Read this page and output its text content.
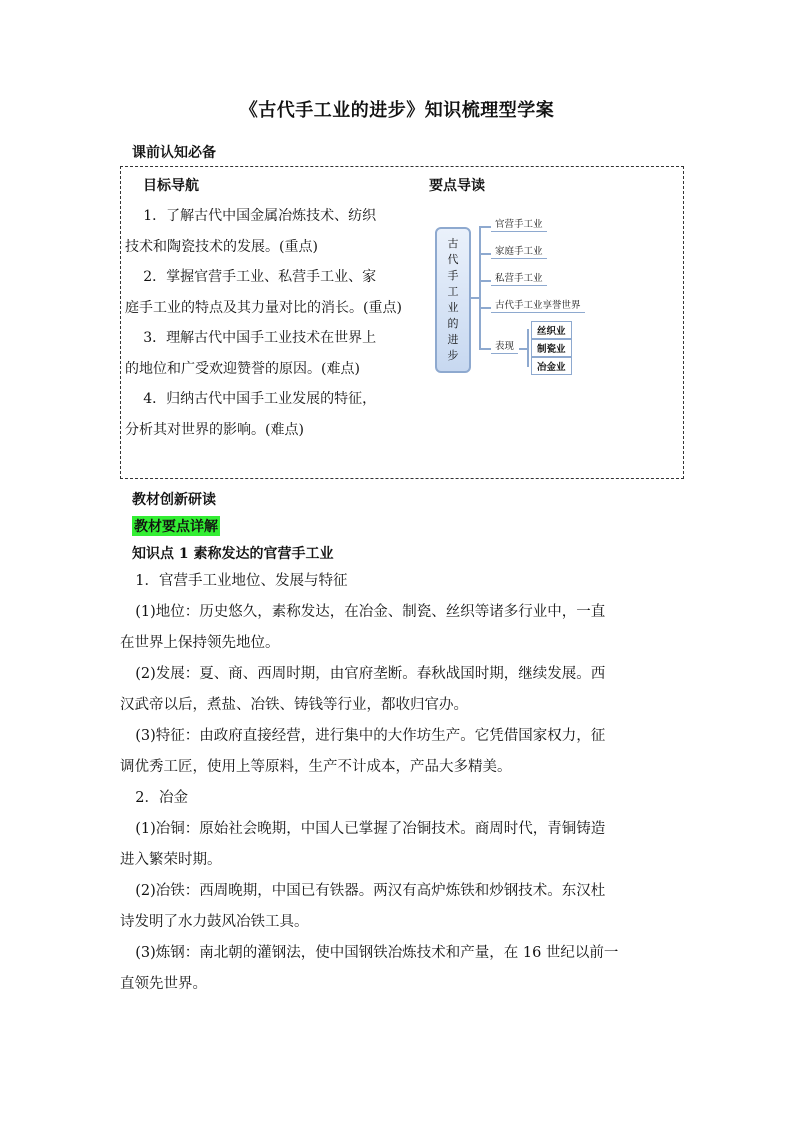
《古代手工业的进步》知识梳理型学案
课前认知必备
目标导航	要点导读

1．了解古代中国金属冶炼技术、纺织

技术和陶瓷技术的发展。(重点)

2．掌握官营手工业、私营手工业、家

庭手工业的特点及其力量对比的消长。(重点)

3．理解古代中国手工业技术在世界上

的地位和广受欢迎赞誉的原因。(难点)

4．归纳古代中国手工业发展的特征，

分析其对世界的影响。(难点)

古
代
手
工
业
的
进
步
官营手工业
家庭手工业
私营手工业
古代手工业享誉世界
表现
丝织业
制瓷业
冶金业
教材创新研读
教材要点详解
知识点 1 素称发达的官营手工业

1．官营手工业地位、发展与特征

(1)地位：历史悠久，素称发达，在冶金、制瓷、丝织等诸多行业中，一直

在世界上保持领先地位。

(2)发展：夏、商、西周时期，由官府垄断。春秋战国时期，继续发展。西

汉武帝以后，煮盐、冶铁、铸钱等行业，都收归官办。

(3)特征：由政府直接经营，进行集中的大作坊生产。它凭借国家权力，征

调优秀工匠，使用上等原料，生产不计成本，产品大多精美。

2．冶金

(1)冶铜：原始社会晚期，中国人已掌握了冶铜技术。商周时代，青铜铸造

进入繁荣时期。

(2)冶铁：西周晚期，中国已有铁器。两汉有高炉炼铁和炒钢技术。东汉杜

诗发明了水力鼓风冶铁工具。

(3)炼钢：南北朝的灌钢法，使中国钢铁冶炼技术和产量，在 16 世纪以前一

直领先世界。
